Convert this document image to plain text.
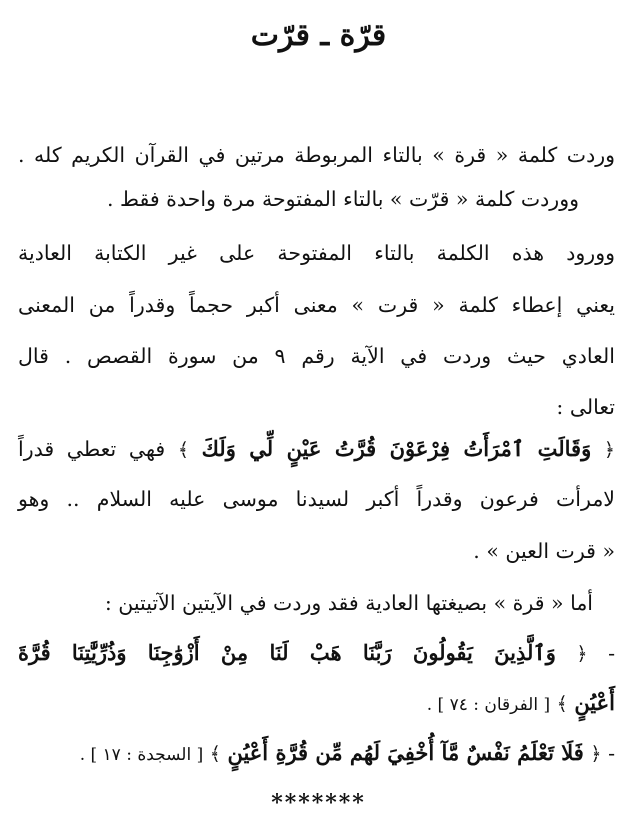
قرّة ـ قرّت
وردت كلمة « قرة » بالتاء المربوطة مرتين في القرآن الكريم كله .
ووردت كلمة « قرّت » بالتاء المفتوحة مرة واحدة فقط .
وورود هذه الكلمة بالتاء المفتوحة على غير الكتابة العادية
يعني إعطاء كلمة « قرت » معنى أكبر حجماً وقدراً من المعنى
العادي حيث وردت في الآية رقم ٩ من سورة القصص . قال
تعالى :
﴿ وَقَالَتِ ٱمْرَأَتُ فِرْعَوْنَ قُرَّتُ عَيْنٍ لِّي وَلَكَ ﴾ فهي تعطي قدراً
لامرأت فرعون وقدراً أكبر لسيدنا موسى عليه السلام .. وهو
« قرت العين » .
أما « قرة » بصيغتها العادية فقد وردت في الآيتين الآتيتين :
- ﴿ وَٱلَّذِينَ يَقُولُونَ رَبَّنَا هَبْ لَنَا مِنْ أَزْوَٰجِنَا وَذُرِّيَّٰتِنَا قُرَّةَ
أَعْيُنٍ ﴾ [ الفرقان : ٧٤ ] .
- ﴿ فَلَا تَعْلَمُ نَفْسٌ مَّآ أُخْفِيَ لَهُم مِّن قُرَّةِ أَعْيُنٍ ﴾ [ السجدة : ١٧ ] .
*******
